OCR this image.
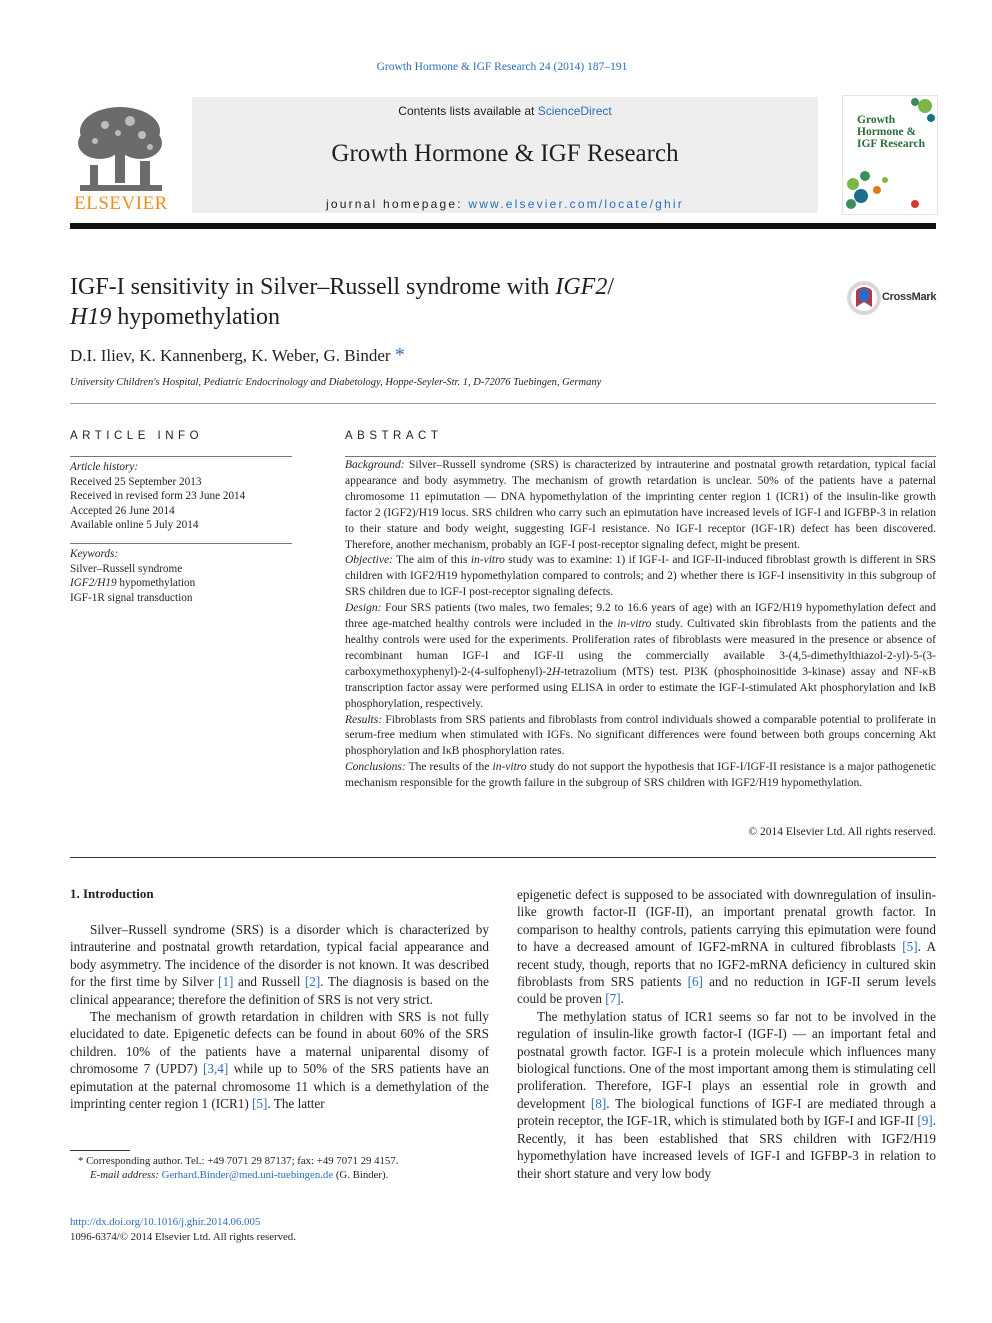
Growth Hormone & IGF Research 24 (2014) 187–191
ELSEVIER
Contents lists available at ScienceDirect
Growth Hormone & IGF Research
journal homepage: www.elsevier.com/locate/ghir
Growth Hormone & IGF Research
IGF-I sensitivity in Silver–Russell syndrome with IGF2/
H19 hypomethylation
CrossMark
D.I. Iliev, K. Kannenberg, K. Weber, G. Binder *
University Children's Hospital, Pediatric Endocrinology and Diabetology, Hoppe-Seyler-Str. 1, D-72076 Tuebingen, Germany
ARTICLE INFO
Article history:
Received 25 September 2013
Received in revised form 23 June 2014
Accepted 26 June 2014
Available online 5 July 2014
Keywords:
Silver–Russell syndrome
IGF2/H19 hypomethylation
IGF-1R signal transduction
ABSTRACT

Background: Silver–Russell syndrome (SRS) is characterized by intrauterine and postnatal growth retardation, typical facial appearance and body asymmetry. The mechanism of growth retardation is unclear. 50% of the patients have a paternal chromosome 11 epimutation — DNA hypomethylation of the imprinting center region 1 (ICR1) of the insulin-like growth factor 2 (IGF2)/H19 locus. SRS children who carry such an epimutation have increased levels of IGF-I and IGFBP-3 in relation to their stature and body weight, suggesting IGF-I resistance. No IGF-I receptor (IGF-1R) defect has been discovered. Therefore, another mechanism, probably an IGF-I post-receptor signaling defect, might be present.

Objective: The aim of this in-vitro study was to examine: 1) if IGF-I- and IGF-II-induced fibroblast growth is different in SRS children with IGF2/H19 hypomethylation compared to controls; and 2) whether there is IGF-I insensitivity in this subgroup of SRS children due to IGF-I post-receptor signaling defects.

Design: Four SRS patients (two males, two females; 9.2 to 16.6 years of age) with an IGF2/H19 hypomethylation defect and three age-matched healthy controls were included in the in-vitro study. Cultivated skin fibroblasts from the patients and the healthy controls were used for the experiments. Proliferation rates of fibroblasts were measured in the presence or absence of recombinant human IGF-I and IGF-II using the commercially available 3-(4,5-dimethylthiazol-2-yl)-5-(3-carboxymethoxyphenyl)-2-(4-sulfophenyl)-2H-tetrazolium (MTS) test. PI3K (phosphoinositide 3-kinase) assay and NF-κB transcription factor assay were performed using ELISA in order to estimate the IGF-I-stimulated Akt phosphorylation and IκB phosphorylation, respectively.

Results: Fibroblasts from SRS patients and fibroblasts from control individuals showed a comparable potential to proliferate in serum-free medium when stimulated with IGFs. No significant differences were found between both groups concerning Akt phosphorylation and IκB phosphorylation rates.

Conclusions: The results of the in-vitro study do not support the hypothesis that IGF-I/IGF-II resistance is a major pathogenetic mechanism responsible for the growth failure in the subgroup of SRS children with IGF2/H19 hypomethylation.

© 2014 Elsevier Ltd. All rights reserved.
1. Introduction

Silver–Russell syndrome (SRS) is a disorder which is characterized by intrauterine and postnatal growth retardation, typical facial appearance and body asymmetry. The incidence of the disorder is not known. It was described for the first time by Silver [1] and Russell [2]. The diagnosis is based on the clinical appearance; therefore the definition of SRS is not very strict.

The mechanism of growth retardation in children with SRS is not fully elucidated to date. Epigenetic defects can be found in about 60% of the SRS children. 10% of the patients have a maternal uniparental disomy of chromosome 7 (UPD7) [3,4] while up to 50% of the SRS patients have an epimutation at the paternal chromosome 11 which is a demethylation of the imprinting center region 1 (ICR1) [5]. The latter

epigenetic defect is supposed to be associated with downregulation of insulin-like growth factor-II (IGF-II), an important prenatal growth factor. In comparison to healthy controls, patients carrying this epimutation were found to have a decreased amount of IGF2-mRNA in cultured fibroblasts [5]. A recent study, though, reports that no IGF2-mRNA deficiency in cultured skin fibroblasts from SRS patients [6] and no reduction in IGF-II serum levels could be proven [7].

The methylation status of ICR1 seems so far not to be involved in the regulation of insulin-like growth factor-I (IGF-I) — an important fetal and postnatal growth factor. IGF-I is a protein molecule which influences many biological functions. One of the most important among them is stimulating cell proliferation. Therefore, IGF-I plays an essential role in growth and development [8]. The biological functions of IGF-I are mediated through a protein receptor, the IGF-1R, which is stimulated both by IGF-I and IGF-II [9]. Recently, it has been established that SRS children with IGF2/H19 hypomethylation have increased levels of IGF-I and IGFBP-3 in relation to their short stature and very low body

* Corresponding author. Tel.: +49 7071 29 87137; fax: +49 7071 29 4157.
E-mail address: Gerhard.Binder@med.uni-tuebingen.de (G. Binder).
http://dx.doi.org/10.1016/j.ghir.2014.06.005
1096-6374/© 2014 Elsevier Ltd. All rights reserved.
